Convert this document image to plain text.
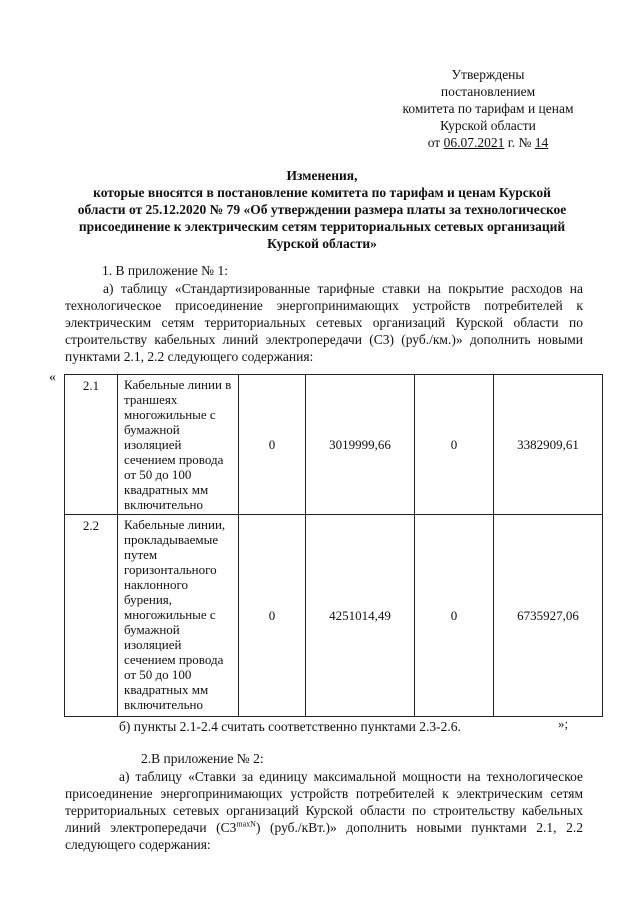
Утверждены
постановлением
комитета по тарифам и ценам
Курской области
от 06.07.2021 г. № 14
Изменения,
которые вносятся в постановление комитета по тарифам и ценам Курской
области от 25.12.2020 № 79 «Об утверждении размера платы за технологическое
присоединение к электрическим сетям территориальных сетевых организаций
Курской области»
1. В приложение № 1:
а) таблицу «Стандартизированные тарифные ставки на покрытие расходов на технологическое присоединение энергопринимающих устройств потребителей к электрическим сетям территориальных сетевых организаций Курской области по строительству кабельных линий электропередачи (С3) (руб./км.)» дополнить новыми пунктами 2.1, 2.2 следующего содержания:
«
2.1	Кабельные линии в траншеях многожильные с бумажной изоляцией сечением провода от 50 до 100 квадратных мм включительно	0	3019999,66	0	3382909,61
2.2	Кабельные линии, прокладываемые путем горизонтального наклонного бурения, многожильные с бумажной изоляцией сечением провода от 50 до 100 квадратных мм включительно	0	4251014,49	0	6735927,06
»;
б) пункты 2.1-2.4 считать соответственно пунктами 2.3-2.6.
2.В приложение № 2:
а) таблицу «Ставки за единицу максимальной мощности на технологическое присоединение энергопринимающих устройств потребителей к электрическим сетям территориальных сетевых организаций Курской области по строительству кабельных линий электропередачи $(С3^{maxN})$ (руб./кВт.)» дополнить новыми пунктами 2.1, 2.2 следующего содержания:
